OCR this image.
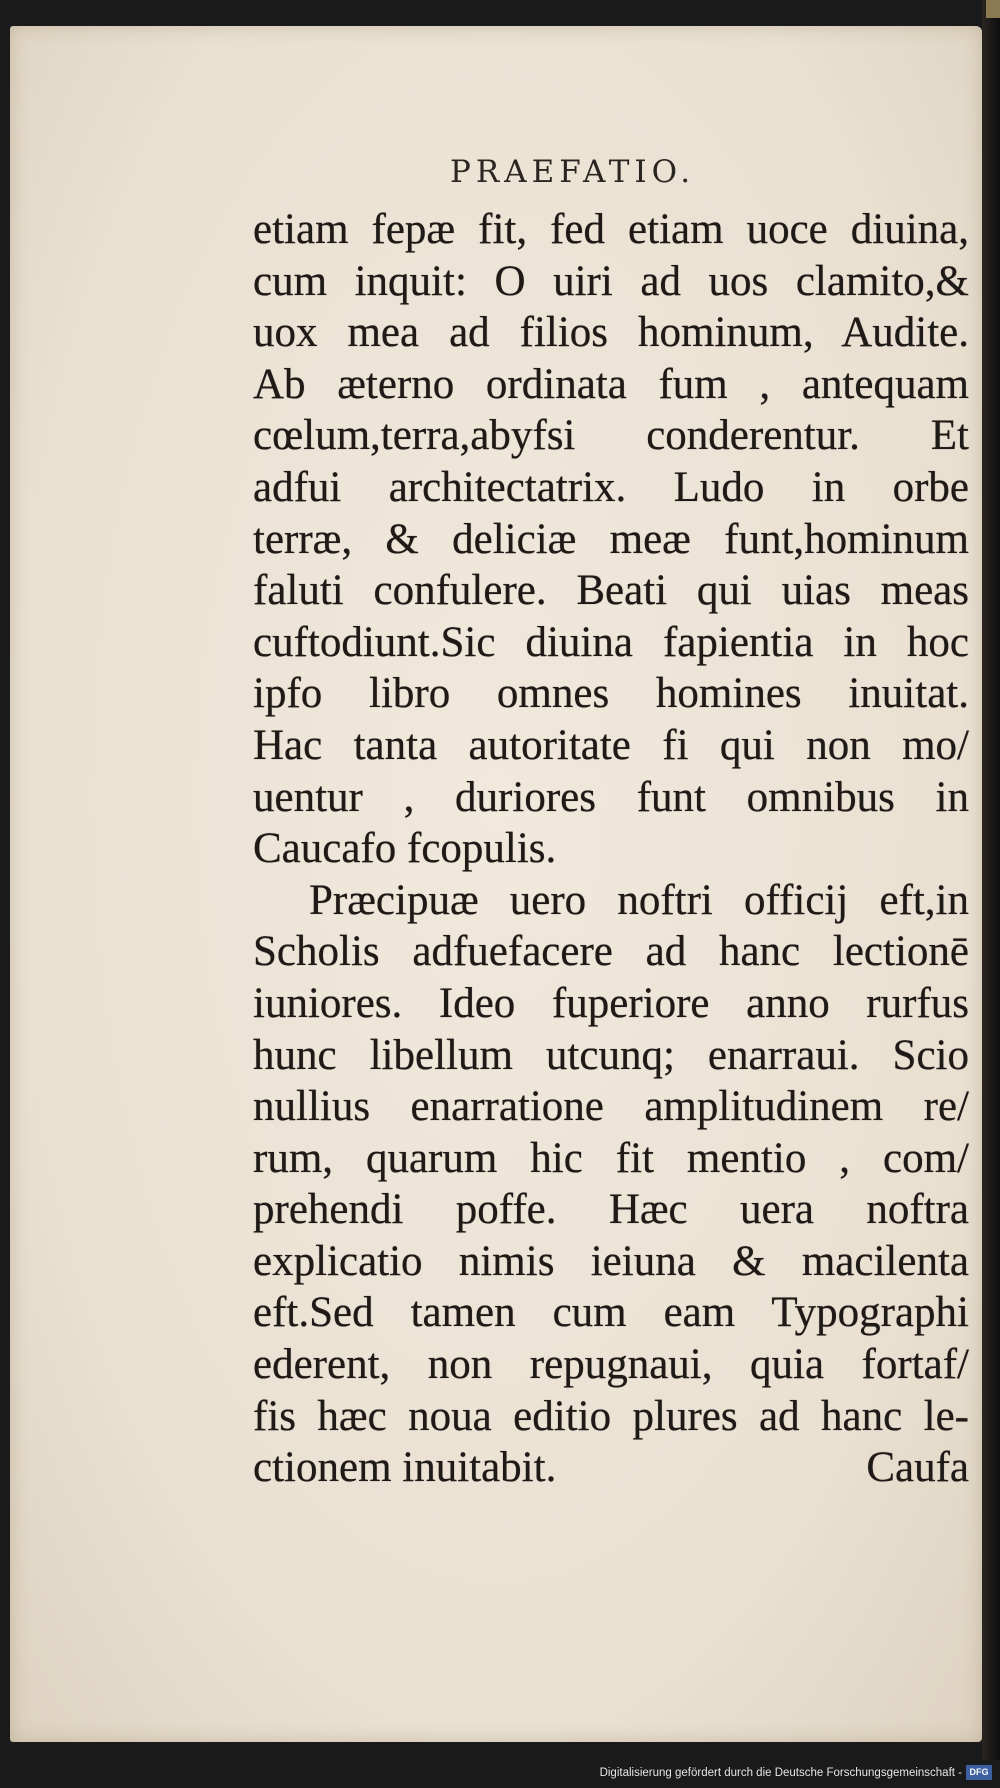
PRAEFATIO.
etiam fepæ fit, fed etiam uoce diuina,
cum inquit: O uiri ad uos clamito,&
uox mea ad filios hominum, Audite.
Ab æterno ordinata fum , antequam
cœlum,terra,abyfsi conderentur. Et
adfui architectatrix. Ludo in orbe
terræ, & deliciæ meæ funt,hominum
faluti confulere. Beati qui uias meas
cuftodiunt.Sic diuina fapientia in hoc
ipfo libro omnes homines inuitat.
Hac tanta autoritate fi qui non mo/
uentur , duriores funt omnibus in
Caucafo fcopulis.
Præcipuæ uero noftri officij eft,in
Scholis adfuefacere ad hanc lectionē
iuniores. Ideo fuperiore anno rurfus
hunc libellum utcunq; enarraui. Scio
nullius enarratione amplitudinem re/
rum, quarum hic fit mentio , com/
prehendi poffe. Hæc uera noftra
explicatio nimis ieiuna & macilenta
eft.Sed tamen cum eam Typographi
ederent, non repugnaui, quia fortaf/
fis hæc noua editio plures ad hanc le-
ctionem inuitabit.	Caufa
Digitalisierung gefördert durch die Deutsche Forschungsgemeinschaft - DFG
